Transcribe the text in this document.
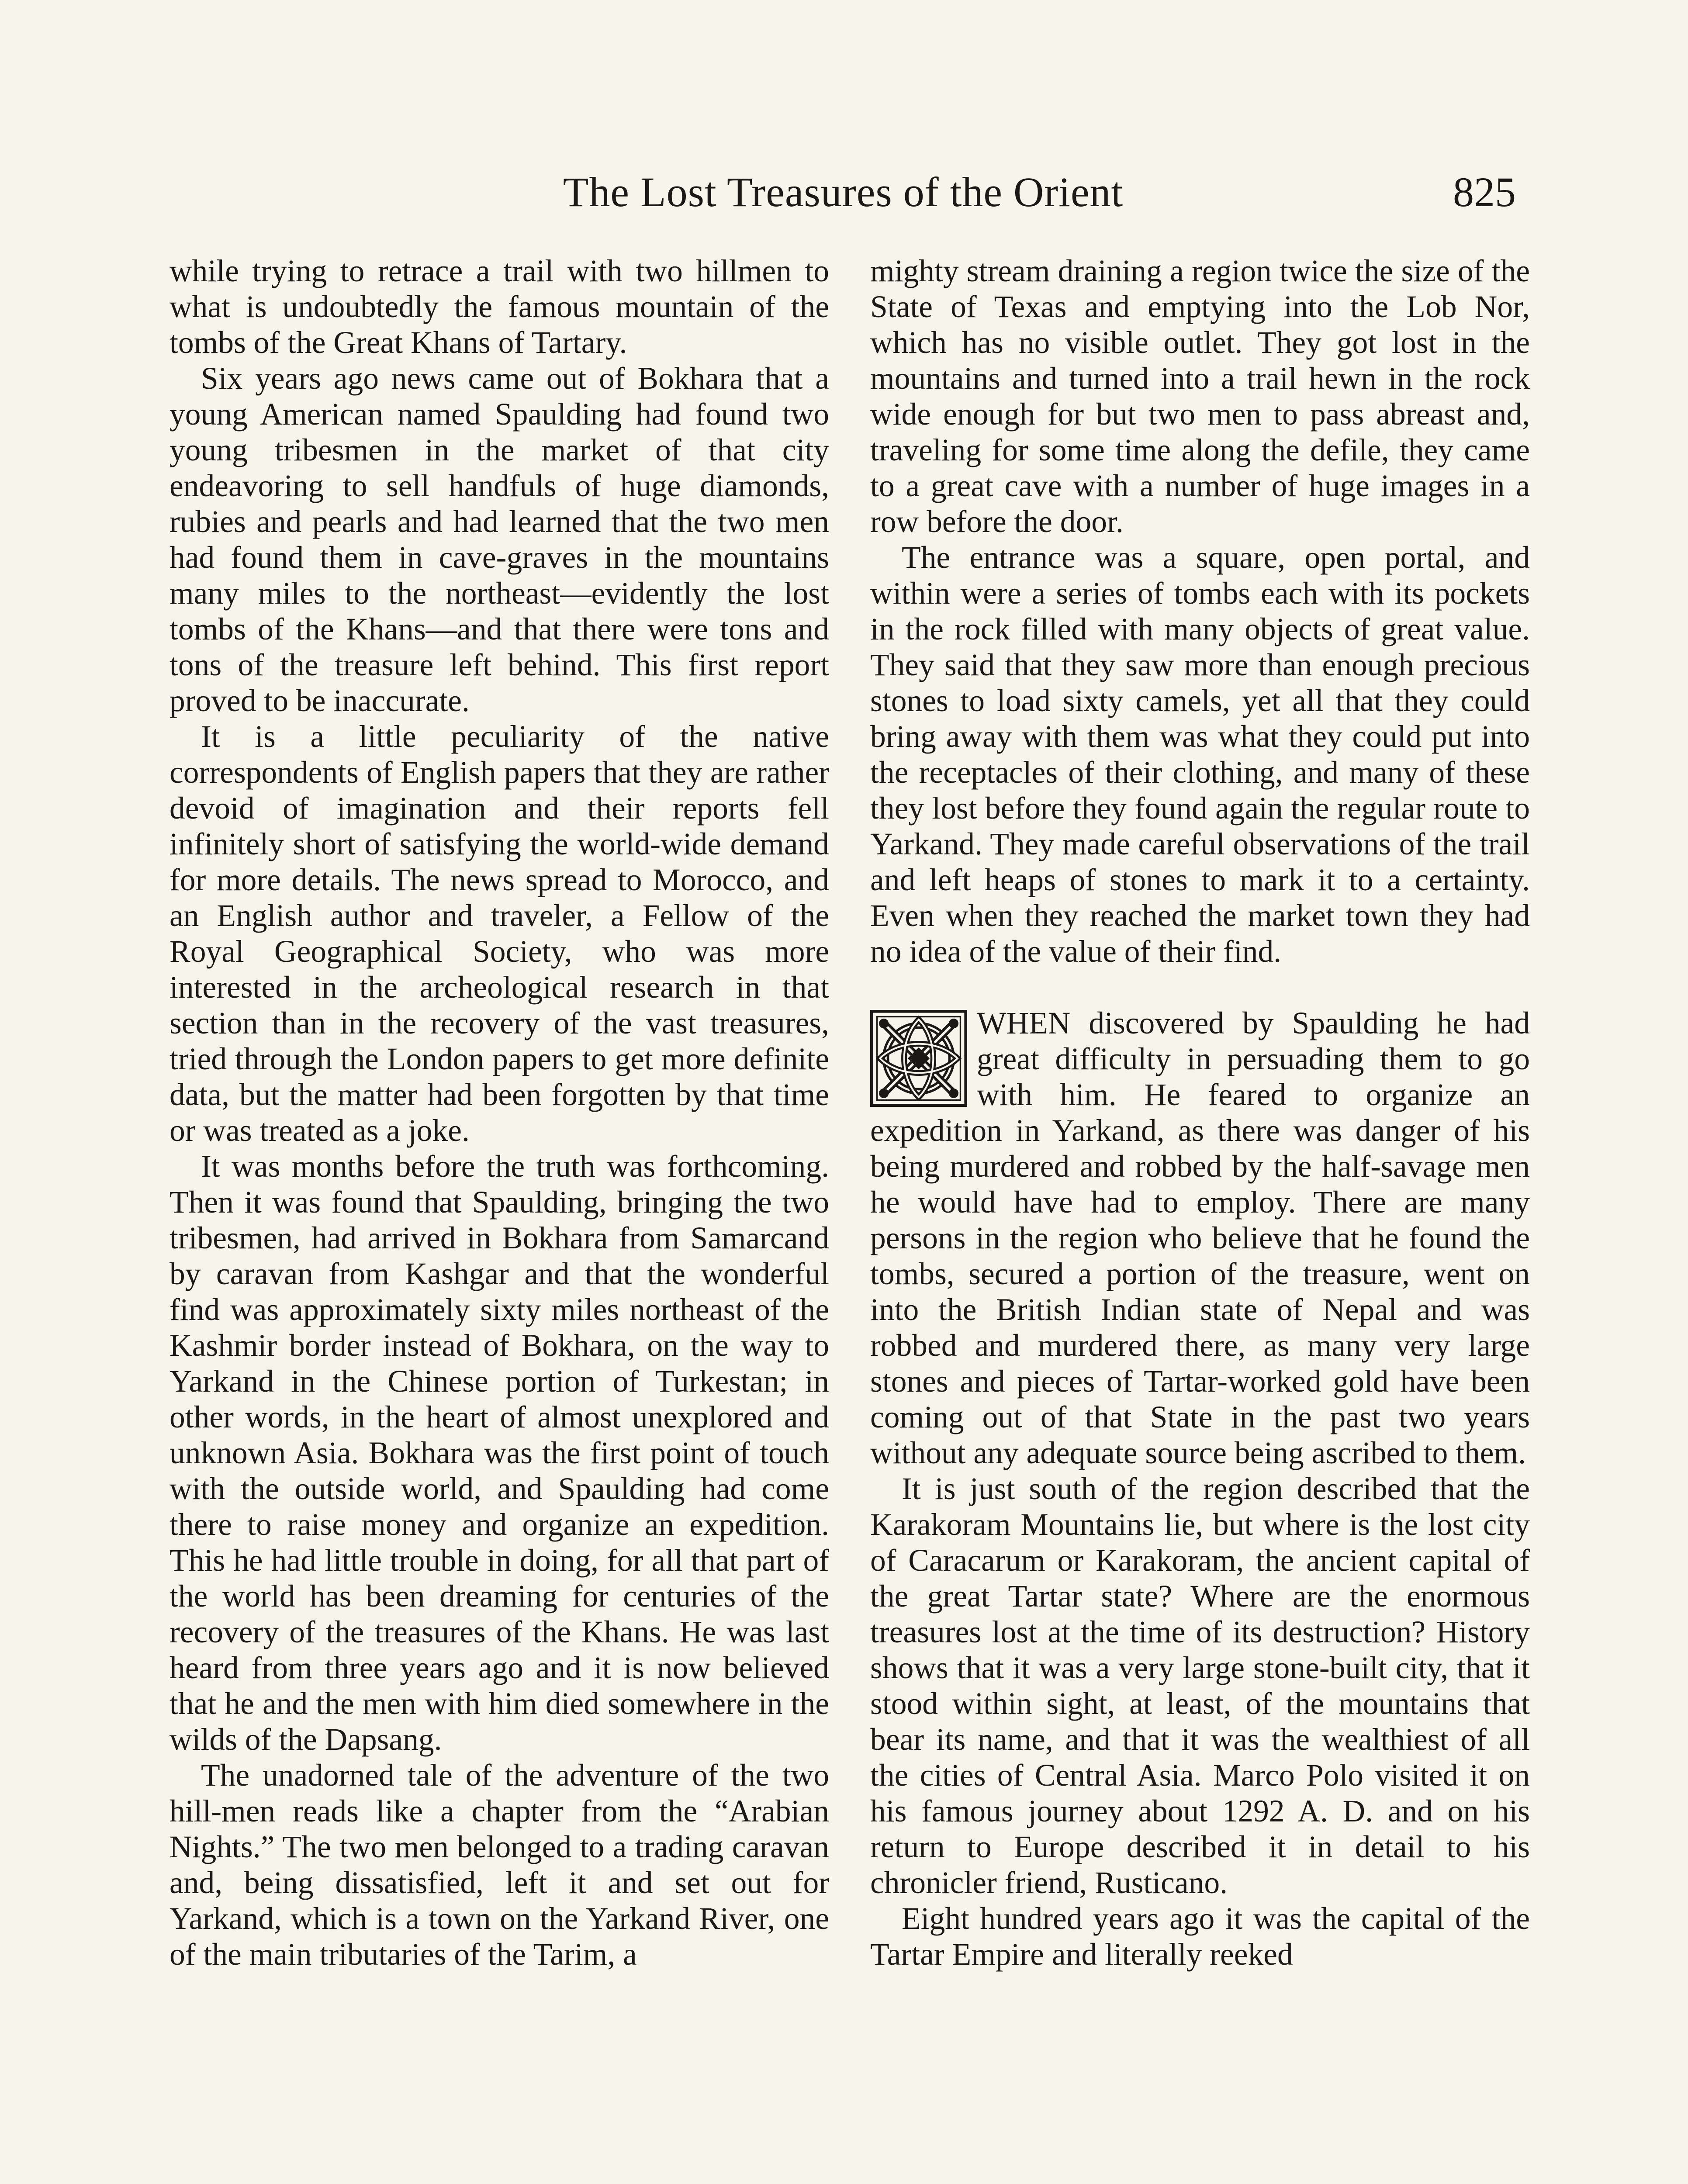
The Lost Treasures of the Orient	825

while trying to retrace a trail with two hillmen to what is undoubtedly the famous mountain of the tombs of the Great Khans of Tartary.

Six years ago news came out of Bokhara that a young American named Spaulding had found two young tribesmen in the market of that city endeavoring to sell handfuls of huge diamonds, rubies and pearls and had learned that the two men had found them in cave-graves in the mountains many miles to the northeast—evidently the lost tombs of the Khans—and that there were tons and tons of the treasure left behind. This first report proved to be inaccurate.

It is a little peculiarity of the native correspondents of English papers that they are rather devoid of imagination and their reports fell infinitely short of satisfying the world-wide demand for more details. The news spread to Morocco, and an English author and traveler, a Fellow of the Royal Geographical Society, who was more interested in the archeological research in that section than in the recovery of the vast treasures, tried through the London papers to get more definite data, but the matter had been forgotten by that time or was treated as a joke.

It was months before the truth was forthcoming. Then it was found that Spaulding, bringing the two tribesmen, had arrived in Bokhara from Samarcand by caravan from Kashgar and that the wonderful find was approximately sixty miles northeast of the Kashmir border instead of Bokhara, on the way to Yarkand in the Chinese portion of Turkestan; in other words, in the heart of almost unexplored and unknown Asia. Bokhara was the first point of touch with the outside world, and Spaulding had come there to raise money and organize an expedition. This he had little trouble in doing, for all that part of the world has been dreaming for centuries of the recovery of the treasures of the Khans. He was last heard from three years ago and it is now believed that he and the men with him died somewhere in the wilds of the Dapsang.

The unadorned tale of the adventure of the two hill-men reads like a chapter from the “Arabian Nights.” The two men belonged to a trading caravan and, being dissatisfied, left it and set out for Yarkand, which is a town on the Yarkand River, one of the main tributaries of the Tarim, a

mighty stream draining a region twice the size of the State of Texas and emptying into the Lob Nor, which has no visible outlet. They got lost in the mountains and turned into a trail hewn in the rock wide enough for but two men to pass abreast and, traveling for some time along the defile, they came to a great cave with a number of huge images in a row before the door.

The entrance was a square, open portal, and within were a series of tombs each with its pockets in the rock filled with many objects of great value. They said that they saw more than enough precious stones to load sixty camels, yet all that they could bring away with them was what they could put into the receptacles of their clothing, and many of these they lost before they found again the regular route to Yarkand. They made careful observations of the trail and left heaps of stones to mark it to a certainty. Even when they reached the market town they had no idea of the value of their find.

WHEN discovered by Spaulding he had great difficulty in persuading them to go with him. He feared to organize an expedition in Yarkand, as there was danger of his being murdered and robbed by the half-savage men he would have had to employ. There are many persons in the region who believe that he found the tombs, secured a portion of the treasure, went on into the British Indian state of Nepal and was robbed and murdered there, as many very large stones and pieces of Tartar-worked gold have been coming out of that State in the past two years without any adequate source being ascribed to them.

It is just south of the region described that the Karakoram Mountains lie, but where is the lost city of Caracarum or Karakoram, the ancient capital of the great Tartar state? Where are the enormous treasures lost at the time of its destruction? History shows that it was a very large stone-built city, that it stood within sight, at least, of the mountains that bear its name, and that it was the wealthiest of all the cities of Central Asia. Marco Polo visited it on his famous journey about 1292 A. D. and on his return to Europe described it in detail to his chronicler friend, Rusticano.

Eight hundred years ago it was the capital of the Tartar Empire and literally reeked
